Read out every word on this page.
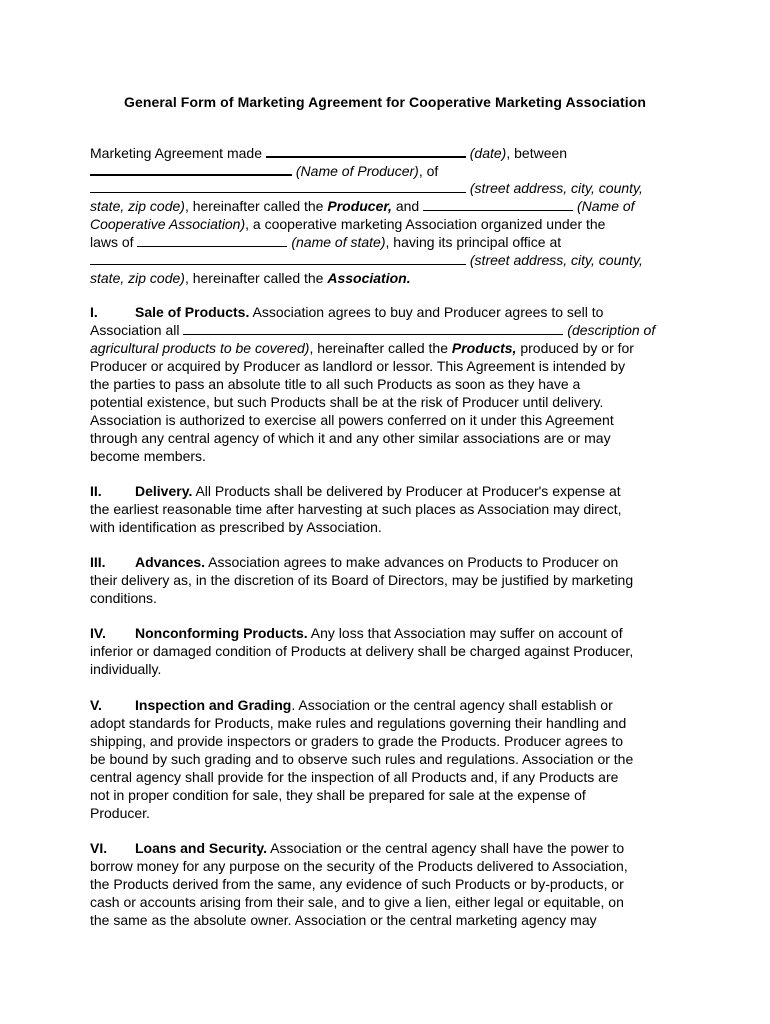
General Form of Marketing Agreement for Cooperative Marketing Association
Marketing Agreement made	(date), between
(Name of Producer), of
(street address, city, county,
state, zip code), hereinafter called the Producer, and	(Name of
Cooperative Association), a cooperative marketing Association organized under the
laws of	(name of state), having its principal office at
(street address, city, county,
state, zip code), hereinafter called the Association.
I.	Sale of Products. Association agrees to buy and Producer agrees to sell to
Association all	(description of
agricultural products to be covered), hereinafter called the Products, produced by or for
Producer or acquired by Producer as landlord or lessor. This Agreement is intended by
the parties to pass an absolute title to all such Products as soon as they have a
potential existence, but such Products shall be at the risk of Producer until delivery.
Association is authorized to exercise all powers conferred on it under this Agreement
through any central agency of which it and any other similar associations are or may
become members.
II. Delivery. All Products shall be delivered by Producer at Producer's expense at
the earliest reasonable time after harvesting at such places as Association may direct,
with identification as prescribed by Association.
III. Advances. Association agrees to make advances on Products to Producer on
their delivery as, in the discretion of its Board of Directors, may be justified by marketing
conditions.
IV. Nonconforming Products. Any loss that Association may suffer on account of
inferior or damaged condition of Products at delivery shall be charged against Producer,
individually.
V. Inspection and Grading. Association or the central agency shall establish or
adopt standards for Products, make rules and regulations governing their handling and
shipping, and provide inspectors or graders to grade the Products. Producer agrees to
be bound by such grading and to observe such rules and regulations. Association or the
central agency shall provide for the inspection of all Products and, if any Products are
not in proper condition for sale, they shall be prepared for sale at the expense of
Producer.
VI. Loans and Security. Association or the central agency shall have the power to
borrow money for any purpose on the security of the Products delivered to Association,
the Products derived from the same, any evidence of such Products or by-products, or
cash or accounts arising from their sale, and to give a lien, either legal or equitable, on
the same as the absolute owner. Association or the central marketing agency may
